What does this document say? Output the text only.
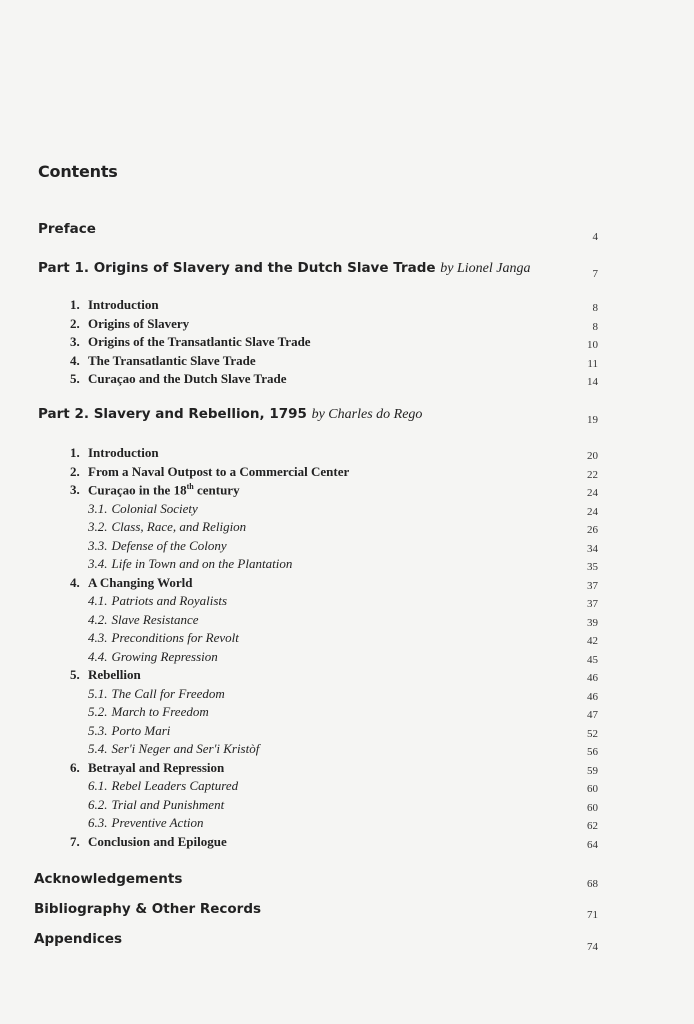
Contents
Preface	4
Part 1. Origins of Slavery and the Dutch Slave Trade by Lionel Janga	7
1. Introduction	8
2. Origins of Slavery	8
3. Origins of the Transatlantic Slave Trade	10
4. The Transatlantic Slave Trade	11
5. Curaçao and the Dutch Slave Trade	14
Part 2. Slavery and Rebellion, 1795 by Charles do Rego	19
1. Introduction	20
2. From a Naval Outpost to a Commercial Center	22
3. Curaçao in the 18th century	24
3.1. Colonial Society	24
3.2. Class, Race, and Religion	26
3.3. Defense of the Colony	34
3.4. Life in Town and on the Plantation	35
4. A Changing World	37
4.1. Patriots and Royalists	37
4.2. Slave Resistance	39
4.3. Preconditions for Revolt	42
4.4. Growing Repression	45
5. Rebellion	46
5.1. The Call for Freedom	46
5.2. March to Freedom	47
5.3. Porto Mari	52
5.4. Ser'i Neger and Ser'i Kristòf	56
6. Betrayal and Repression	59
6.1. Rebel Leaders Captured	60
6.2. Trial and Punishment	60
6.3. Preventive Action	62
7. Conclusion and Epilogue	64
Acknowledgements	68
Bibliography & Other Records	71
Appendices	74
